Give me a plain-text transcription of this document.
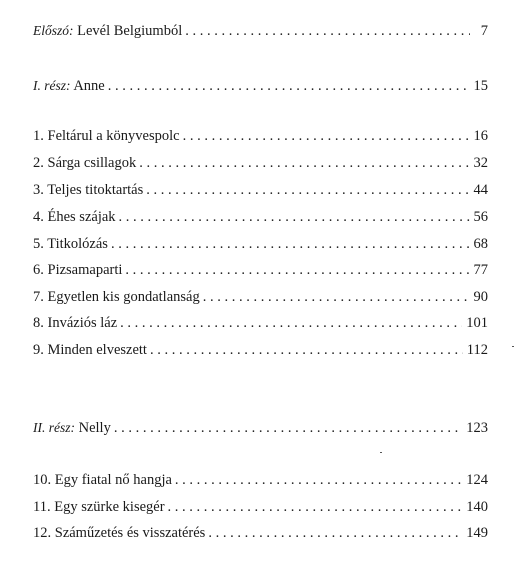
Előszó: Levél Belgiumból . . .	7
I. rész: Anne . . .	15
1. Feltárul a könyvespolc . . .	16
2. Sárga csillagok . . .	32
3. Teljes titoktartás . . .	44
4. Éhes szájak . . .	56
5. Titkolózás . . .	68
6. Pizsamaparti . . .	77
7. Egyetlen kis gondatlanság . . .	90
8. Inváziós láz . . .	101
9. Minden elveszett . . .	112
II. rész: Nelly . . .	123
10. Egy fiatal nő hangja . . .	124
11. Egy szürke kisegér . . .	140
12. Száműzetés és visszatérés . . .	149
